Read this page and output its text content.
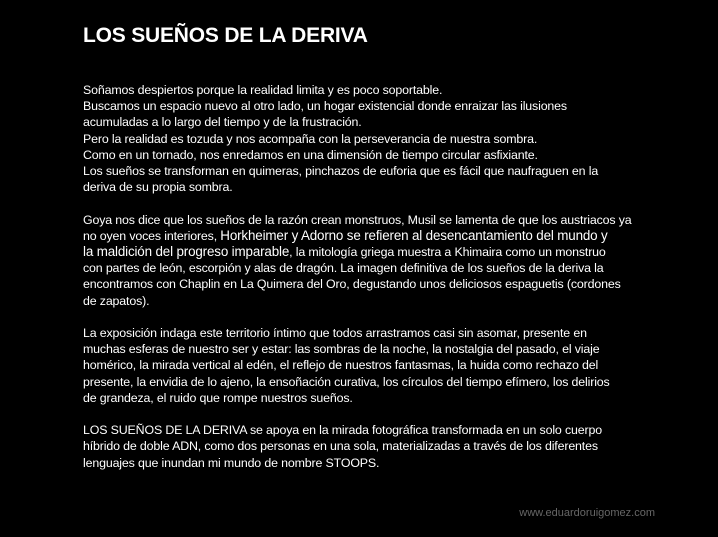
LOS SUEÑOS DE LA DERIVA

Soñamos despiertos porque la realidad limita y es poco soportable.
Buscamos un espacio nuevo al otro lado, un hogar existencial donde enraizar las ilusiones
acumuladas a lo largo del tiempo y de la frustración.
Pero la realidad es tozuda y nos acompaña con la perseverancia de nuestra sombra.
Como en un tornado, nos enredamos en una dimensión de tiempo circular asfixiante.
Los sueños se transforman en quimeras, pinchazos de euforia que es fácil que naufraguen en la
deriva de su propia sombra.

Goya nos dice que los sueños de la razón crean monstruos, Musil se lamenta de que los austriacos ya
no oyen voces interiores, Horkheimer y Adorno se refieren al desencantamiento del mundo y
la maldición del progreso imparable, la mitología griega muestra a Khimaira como un monstruo
con partes de león, escorpión y alas de dragón. La imagen definitiva de los sueños de la deriva la
encontramos con Chaplin en La Quimera del Oro, degustando unos deliciosos espaguetis (cordones
de zapatos).

La exposición indaga este territorio íntimo que todos arrastramos casi sin asomar, presente en
muchas esferas de nuestro ser y estar: las sombras de la noche, la nostalgia del pasado, el viaje
homérico, la mirada vertical al edén, el reflejo de nuestros fantasmas, la huida como rechazo del
presente, la envidia de lo ajeno, la ensoñación curativa, los círculos del tiempo efímero, los delirios
de grandeza, el ruido que rompe nuestros sueños.

LOS SUEÑOS DE LA DERIVA se apoya en la mirada fotográfica transformada en un solo cuerpo
híbrido de doble ADN, como dos personas en una sola, materializadas a través de los diferentes
lenguajes que inundan mi mundo de nombre STOOPS.

www.eduardoruigomez.com
